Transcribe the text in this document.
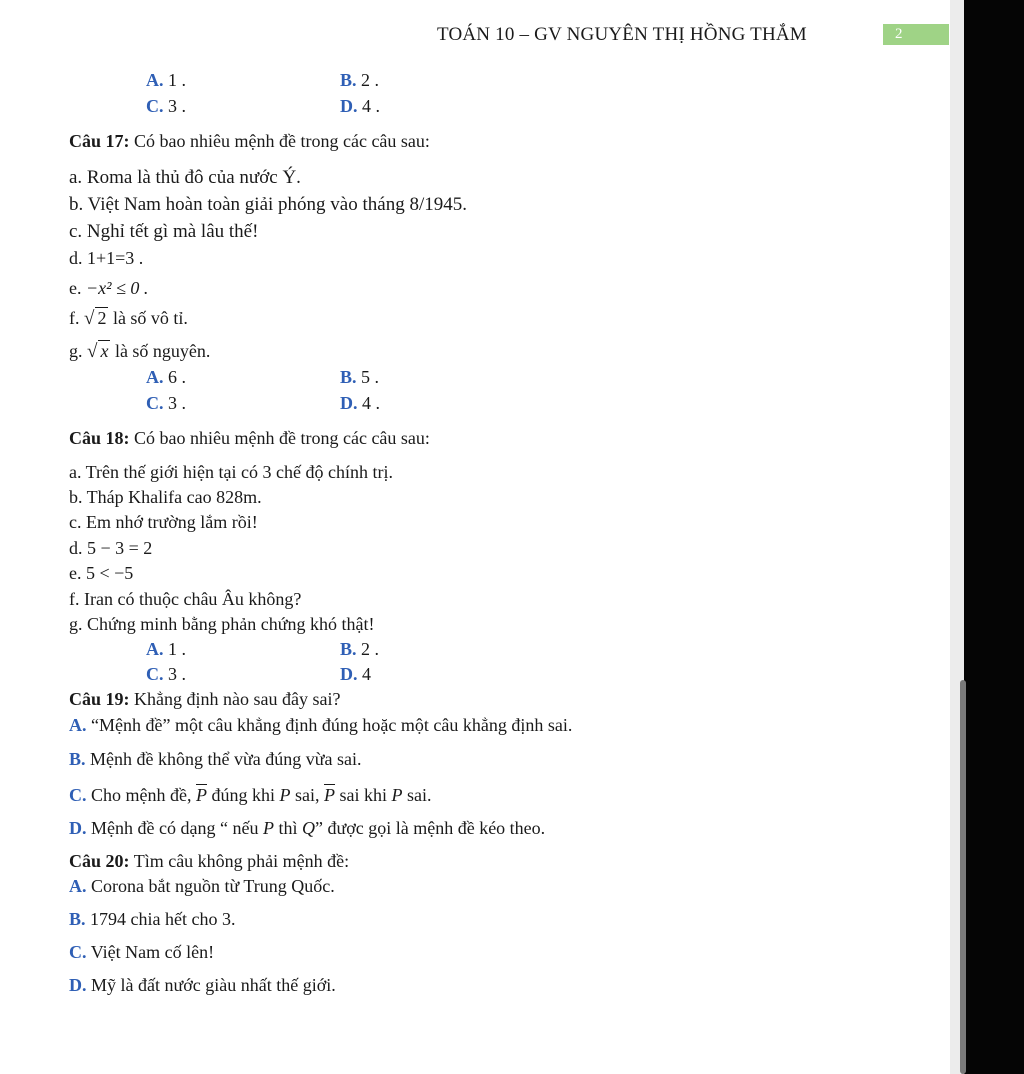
TOÁN 10 – GV NGUYÊN THỊ HỒNG THẮM	2
A. 1 .	B. 2 .
C. 3 .	D. 4 .
Câu 17: Có bao nhiêu mệnh đề trong các câu sau:
a. Roma là thủ đô của nước Ý.
b. Việt Nam hoàn toàn giải phóng vào tháng 8/1945.
c. Nghỉ tết gì mà lâu thế!
d. 1+1=3 .
e. −x² ≤ 0 .
f. √ 2 là số vô tỉ.
g. √ x là số nguyên.
A. 6 .	B. 5 .
C. 3 .	D. 4 .
Câu 18: Có bao nhiêu mệnh đề trong các câu sau:
a. Trên thế giới hiện tại có 3 chế độ chính trị.
b. Tháp Khalifa cao 828m.
c. Em nhớ trường lắm rồi!
d. 5 − 3 = 2
e. 5 < −5
f. Iran có thuộc châu Âu không?
g. Chứng minh bằng phản chứng khó thật!
A. 1 .	B. 2 .
C. 3 .	D. 4
Câu 19: Khẳng định nào sau đây sai?
A. “Mệnh đề” một câu khẳng định đúng hoặc một câu khẳng định sai.
B. Mệnh đề không thể vừa đúng vừa sai.
C. Cho mệnh đề, $\overline{P}$ đúng khi P sai, $\overline{P}$ sai khi P sai.
D. Mệnh đề có dạng “ nếu P thì Q” được gọi là mệnh đề kéo theo.
Câu 20: Tìm câu không phải mệnh đề:
A. Corona bắt nguồn từ Trung Quốc.
B. 1794 chia hết cho 3.
C. Việt Nam cố lên!
D. Mỹ là đất nước giàu nhất thế giới.
